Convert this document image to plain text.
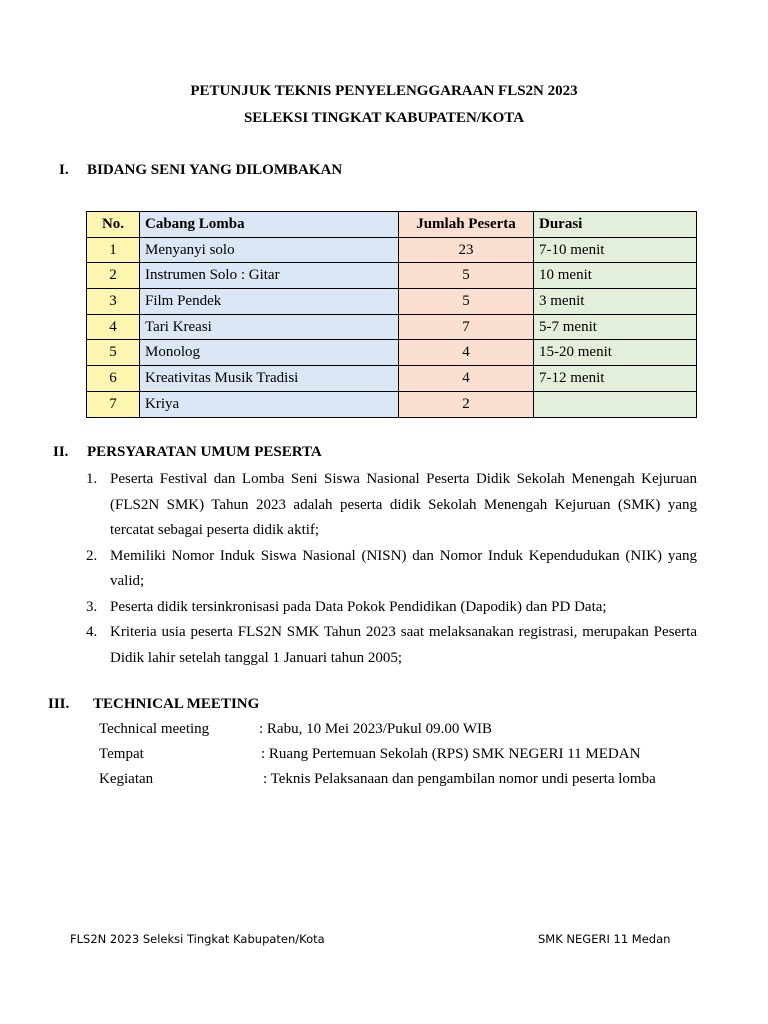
PETUNJUK TEKNIS PENYELENGGARAAN FLS2N 2023
SELEKSI TINGKAT KABUPATEN/KOTA
I. BIDANG SENI YANG DILOMBAKAN
No.	Cabang Lomba	Jumlah Peserta	Durasi
1	Menyanyi solo	23	7-10 menit
2	Instrumen Solo : Gitar	5	10 menit
3	Film Pendek	5	3 menit
4	Tari Kreasi	7	5-7 menit
5	Monolog	4	15-20 menit
6	Kreativitas Musik Tradisi	4	7-12 menit
7	Kriya	2	
II. PERSYARATAN UMUM PESERTA
1. Peserta Festival dan Lomba Seni Siswa Nasional Peserta Didik Sekolah Menengah Kejuruan (FLS2N SMK) Tahun 2023 adalah peserta didik Sekolah Menengah Kejuruan (SMK) yang tercatat sebagai peserta didik aktif;
2. Memiliki Nomor Induk Siswa Nasional (NISN) dan Nomor Induk Kependudukan (NIK) yang valid;
3. Peserta didik tersinkronisasi pada Data Pokok Pendidikan (Dapodik) dan PD Data;
4. Kriteria usia peserta FLS2N SMK Tahun 2023 saat melaksanakan registrasi, merupakan Peserta Didik lahir setelah tanggal 1 Januari tahun 2005;
III. TECHNICAL MEETING
Technical meeting	: Rabu, 10 Mei 2023/Pukul 09.00 WIB
Tempat	: Ruang Pertemuan Sekolah (RPS) SMK NEGERI 11 MEDAN
Kegiatan	: Teknis Pelaksanaan dan pengambilan nomor undi peserta lomba
FLS2N 2023 Seleksi Tingkat Kabupaten/Kota	SMK NEGERI 11 Medan
